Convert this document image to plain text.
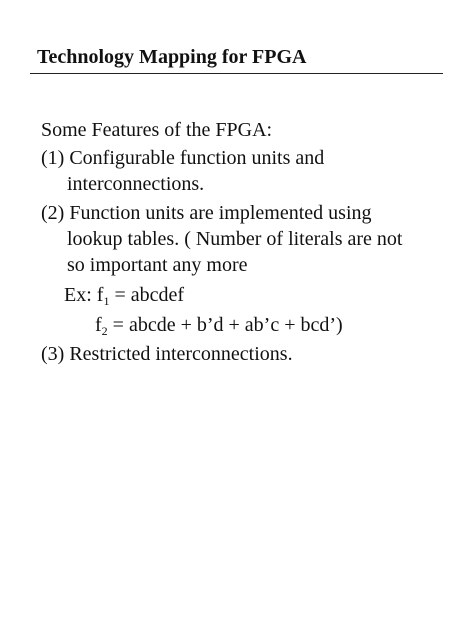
Technology Mapping for FPGA
Some Features of the FPGA:
(1) Configurable function units and
interconnections.
(2) Function units are implemented using
lookup tables. ( Number of literals are not
so important any more
Ex: $f_1$ = abcdef
$f_2$ = abcde + b’d + ab’c + bcd’)
(3) Restricted interconnections.
